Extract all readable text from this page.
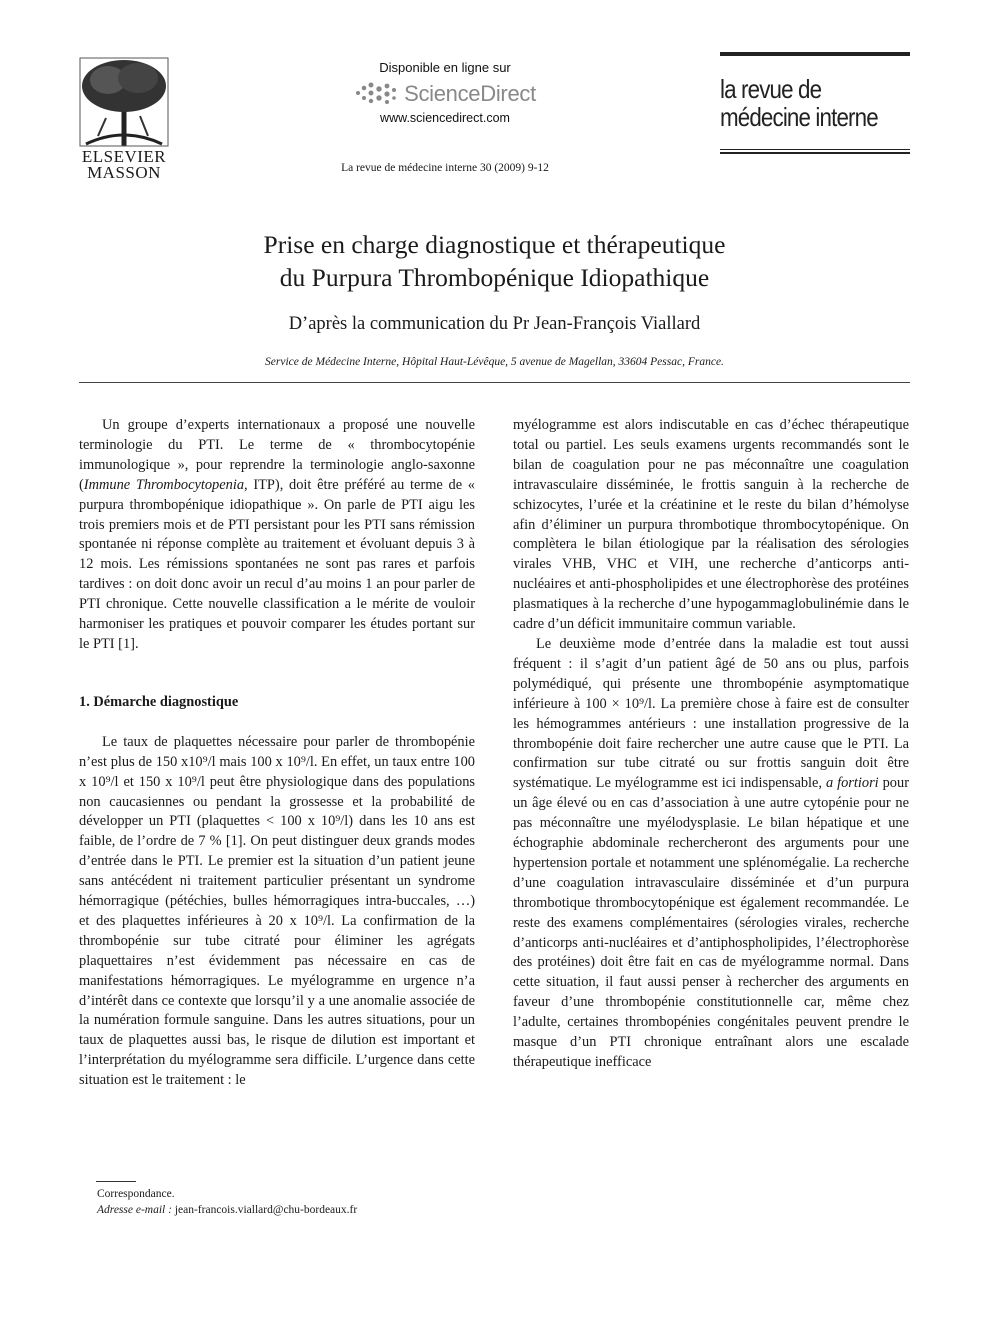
ELSEVIER
MASSON
Disponible en ligne sur
ScienceDirect
www.sciencedirect.com
La revue de médecine interne 30 (2009) 9-12
la revue de
médecine interne
Prise en charge diagnostique et thérapeutique
du Purpura Thrombopénique Idiopathique
D’après la communication du Pr Jean-François Viallard
Service de Médecine Interne, Hôpital Haut-Lévêque, 5 avenue de Magellan, 33604 Pessac, France.

Un groupe d’experts internationaux a proposé une nouvelle terminologie du PTI. Le terme de « thrombocytopénie immunologique », pour reprendre la terminologie anglo-saxonne (Immune Thrombocytopenia, ITP), doit être préféré au terme de « purpura thrombopénique idiopathique ». On parle de PTI aigu les trois premiers mois et de PTI persistant pour les PTI sans rémission spontanée ni réponse complète au traitement et évoluant depuis 3 à 12 mois. Les rémissions spontanées ne sont pas rares et parfois tardives : on doit donc avoir un recul d’au moins 1 an pour parler de PTI chronique. Cette nouvelle classification a le mérite de vouloir harmoniser les pratiques et pouvoir comparer les études portant sur le PTI [1].

1. Démarche diagnostique

Le taux de plaquettes nécessaire pour parler de thrombopénie n’est plus de 150 x10⁹/l mais 100 x 10⁹/l. En effet, un taux entre 100 x 10⁹/l et 150 x 10⁹/l peut être physiologique dans des populations non caucasiennes ou pendant la grossesse et la probabilité de développer un PTI (plaquettes < 100 x 10⁹/l) dans les 10 ans est faible, de l’ordre de 7 % [1]. On peut distinguer deux grands modes d’entrée dans le PTI. Le premier est la situation d’un patient jeune sans antécédent ni traitement particulier présentant un syndrome hémorragique (pétéchies, bulles hémorragiques intra-buccales, …) et des plaquettes inférieures à 20 x 10⁹/l. La confirmation de la thrombopénie sur tube citraté pour éliminer les agrégats plaquettaires n’est évidemment pas nécessaire en cas de manifestations hémorragiques. Le myélogramme en urgence n’a d’intérêt dans ce contexte que lorsqu’il y a une anomalie associée de la numération formule sanguine. Dans les autres situations, pour un taux de plaquettes aussi bas, le risque de dilution est important et l’interprétation du myélogramme sera difficile. L’urgence dans cette situation est le traitement : le

myélogramme est alors indiscutable en cas d’échec thérapeutique total ou partiel. Les seuls examens urgents recommandés sont le bilan de coagulation pour ne pas méconnaître une coagulation intravasculaire disséminée, le frottis sanguin à la recherche de schizocytes, l’urée et la créatinine et le reste du bilan d’hémolyse afin d’éliminer un purpura thrombotique thrombocytopénique. On complètera le bilan étiologique par la réalisation des sérologies virales VHB, VHC et VIH, une recherche d’anticorps anti-nucléaires et anti-phospholipides et une électrophorèse des protéines plasmatiques à la recherche d’une hypogammaglobulinémie dans le cadre d’un déficit immunitaire commun variable.

Le deuxième mode d’entrée dans la maladie est tout aussi fréquent : il s’agit d’un patient âgé de 50 ans ou plus, parfois polymédiqué, qui présente une thrombopénie asymptomatique inférieure à 100 × 10⁹/l. La première chose à faire est de consulter les hémogrammes antérieurs : une installation progressive de la thrombopénie doit faire rechercher une autre cause que le PTI. La confirmation sur tube citraté ou sur frottis sanguin doit être systématique. Le myélogramme est ici indispensable, a fortiori pour un âge élevé ou en cas d’association à une autre cytopénie pour ne pas méconnaître une myélodysplasie. Le bilan hépatique et une échographie abdominale rechercheront des arguments pour une hypertension portale et notamment une splénomégalie. La recherche d’une coagulation intravasculaire disséminée et d’un purpura thrombotique thrombocytopénique est également recommandée. Le reste des examens complémentaires (sérologies virales, recherche d’anticorps anti-nucléaires et d’antiphospholipides, l’électrophorèse des protéines) doit être fait en cas de myélogramme normal. Dans cette situation, il faut aussi penser à rechercher des arguments en faveur d’une thrombopénie constitutionnelle car, même chez l’adulte, certaines thrombopénies congénitales peuvent prendre le masque d’un PTI chronique entraînant alors une escalade thérapeutique inefficace

Correspondance.
Adresse e-mail : jean-francois.viallard@chu-bordeaux.fr
